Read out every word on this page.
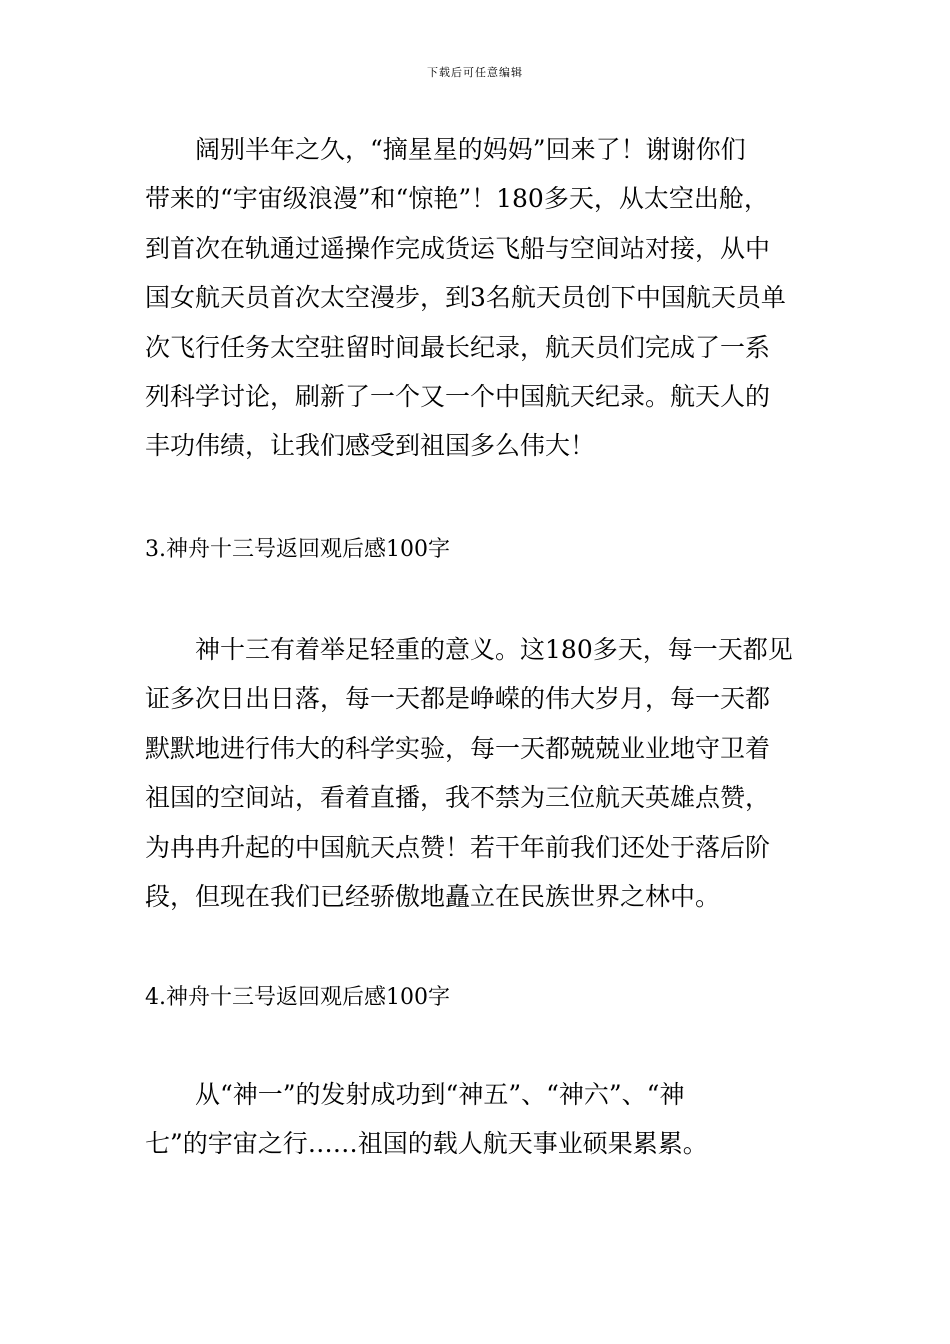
下载后可任意编辑
阔别半年之久，“摘星星的妈妈”回来了！谢谢你们
带来的“宇宙级浪漫”和“惊艳”！180多天，从太空出舱，
到首次在轨通过遥操作完成货运飞船与空间站对接，从中
国女航天员首次太空漫步，到3名航天员创下中国航天员单
次飞行任务太空驻留时间最长纪录，航天员们完成了一系
列科学讨论，刷新了一个又一个中国航天纪录。航天人的
丰功伟绩，让我们感受到祖国多么伟大！
3.神舟十三号返回观后感100字
神十三有着举足轻重的意义。这180多天，每一天都见
证多次日出日落，每一天都是峥嵘的伟大岁月，每一天都
默默地进行伟大的科学实验，每一天都兢兢业业地守卫着
祖国的空间站，看着直播，我不禁为三位航天英雄点赞，
为冉冉升起的中国航天点赞！若干年前我们还处于落后阶
段，但现在我们已经骄傲地矗立在民族世界之林中。
4.神舟十三号返回观后感100字
从“神一”的发射成功到“神五”、“神六”、“神
七”的宇宙之行……祖国的载人航天事业硕果累累。
